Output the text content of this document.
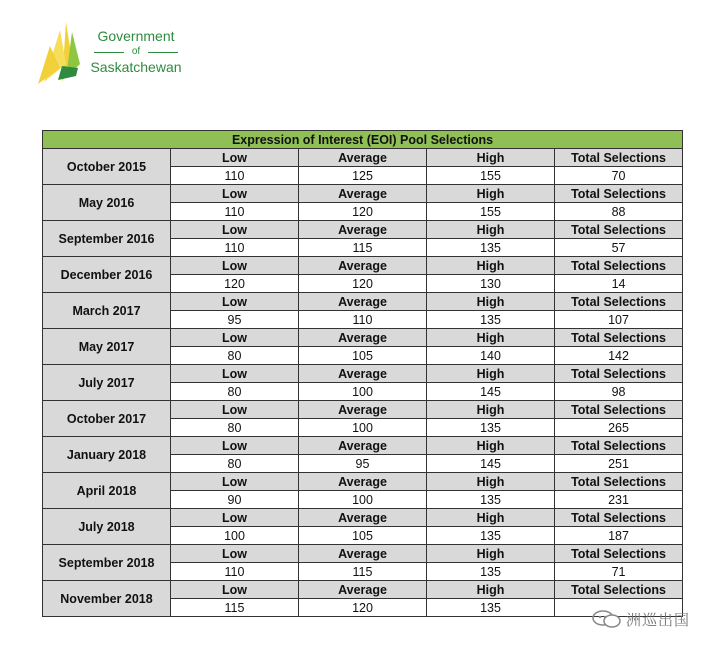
Government
of
Saskatchewan
Expression of Interest (EOI) Pool Selections				
October 2015	Low	Average	High	Total Selections
	110	125	155	70
May 2016	Low	Average	High	Total Selections
	110	120	155	88
September 2016	Low	Average	High	Total Selections
	110	115	135	57
December 2016	Low	Average	High	Total Selections
	120	120	130	14
March 2017	Low	Average	High	Total Selections
	95	110	135	107
May 2017	Low	Average	High	Total Selections
	80	105	140	142
July 2017	Low	Average	High	Total Selections
	80	100	145	98
October 2017	Low	Average	High	Total Selections
	80	100	135	265
January 2018	Low	Average	High	Total Selections
	80	95	145	251
April 2018	Low	Average	High	Total Selections
	90	100	135	231
July 2018	Low	Average	High	Total Selections
	100	105	135	187
September 2018	Low	Average	High	Total Selections
	110	115	135	71
November 2018	Low	Average	High	Total Selections
	115	120	135	
洲巡出国
